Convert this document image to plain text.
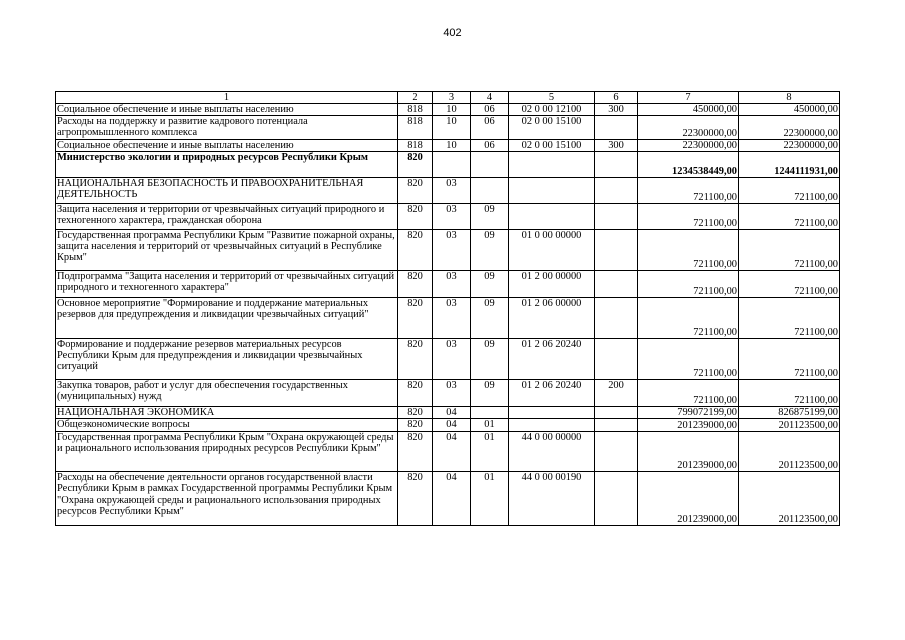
402
1	2	3	4	5	6	7	8
Социальное обеспечение и иные выплаты населению	818	10	06	02 0 00 12100	300	450000,00	450000,00
Расходы на поддержку и развитие кадрового потенциала агропромышленного комплекса	818	10	06	02 0 00 15100		22300000,00	22300000,00
Социальное обеспечение и иные выплаты населению	818	10	06	02 0 00 15100	300	22300000,00	22300000,00
Министерство экологии и природных ресурсов Республики Крым	820					1234538449,00	1244111931,00
НАЦИОНАЛЬНАЯ БЕЗОПАСНОСТЬ И ПРАВООХРАНИТЕЛЬНАЯ ДЕЯТЕЛЬНОСТЬ	820	03				721100,00	721100,00
Защита населения и территории от чрезвычайных ситуаций природного и техногенного характера, гражданская оборона	820	03	09			721100,00	721100,00
Государственная программа Республики Крым "Развитие пожарной охраны, защита населения и территорий от чрезвычайных ситуаций в Республике Крым"	820	03	09	01 0 00 00000		721100,00	721100,00
Подпрограмма "Защита населения и территорий от чрезвычайных ситуаций природного и техногенного характера"	820	03	09	01 2 00 00000		721100,00	721100,00
Основное мероприятие "Формирование и поддержание материальных резервов для предупреждения и ликвидации чрезвычайных ситуаций"	820	03	09	01 2 06 00000		721100,00	721100,00
Формирование и поддержание резервов материальных ресурсов Республики Крым для предупреждения и ликвидации чрезвычайных ситуаций	820	03	09	01 2 06 20240		721100,00	721100,00
Закупка товаров, работ и услуг для обеспечения государственных (муниципальных) нужд	820	03	09	01 2 06 20240	200	721100,00	721100,00
НАЦИОНАЛЬНАЯ ЭКОНОМИКА	820	04				799072199,00	826875199,00
Общеэкономические вопросы	820	04	01			201239000,00	201123500,00
Государственная программа Республики Крым "Охрана окружающей среды и рационального использования природных ресурсов Республики Крым"	820	04	01	44 0 00 00000		201239000,00	201123500,00
Расходы на обеспечение деятельности органов государственной власти Республики Крым в рамках Государственной программы Республики Крым "Охрана окружающей среды и рационального использования природных ресурсов Республики Крым"	820	04	01	44 0 00 00190		201239000,00	201123500,00
